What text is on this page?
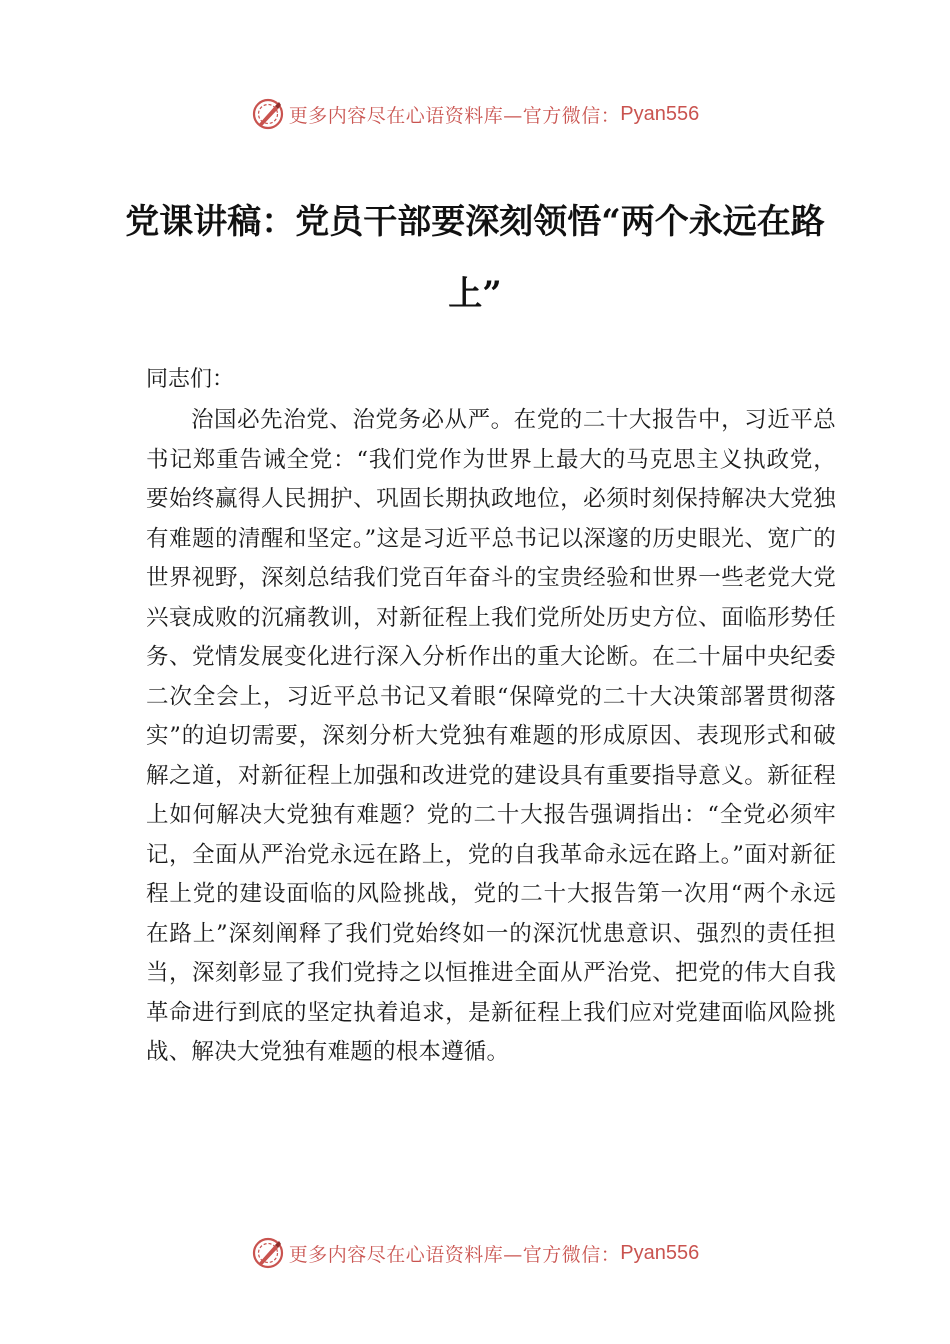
更多内容尽在心语资料库—官方微信： Pyan556
党课讲稿：党员干部要深刻领悟“两个永远在路上”
同志们：
治国必先治党、治党务必从严。在党的二十大报告中，习近平总书记郑重告诫全党：“我们党作为世界上最大的马克思主义执政党，要始终赢得人民拥护、巩固长期执政地位，必须时刻保持解决大党独有难题的清醒和坚定。”这是习近平总书记以深邃的历史眼光、宽广的世界视野，深刻总结我们党百年奋斗的宝贵经验和世界一些老党大党兴衰成败的沉痛教训，对新征程上我们党所处历史方位、面临形势任务、党情发展变化进行深入分析作出的重大论断。在二十届中央纪委二次全会上，习近平总书记又着眼“保障党的二十大决策部署贯彻落实”的迫切需要，深刻分析大党独有难题的形成原因、表现形式和破解之道，对新征程上加强和改进党的建设具有重要指导意义。新征程上如何解决大党独有难题？党的二十大报告强调指出：“全党必须牢记，全面从严治党永远在路上，党的自我革命永远在路上。”面对新征程上党的建设面临的风险挑战，党的二十大报告第一次用“两个永远在路上”深刻阐释了我们党始终如一的深沉忧患意识、强烈的责任担当，深刻彰显了我们党持之以恒推进全面从严治党、把党的伟大自我革命进行到底的坚定执着追求，是新征程上我们应对党建面临风险挑战、解决大党独有难题的根本遵循。
更多内容尽在心语资料库—官方微信： Pyan556
